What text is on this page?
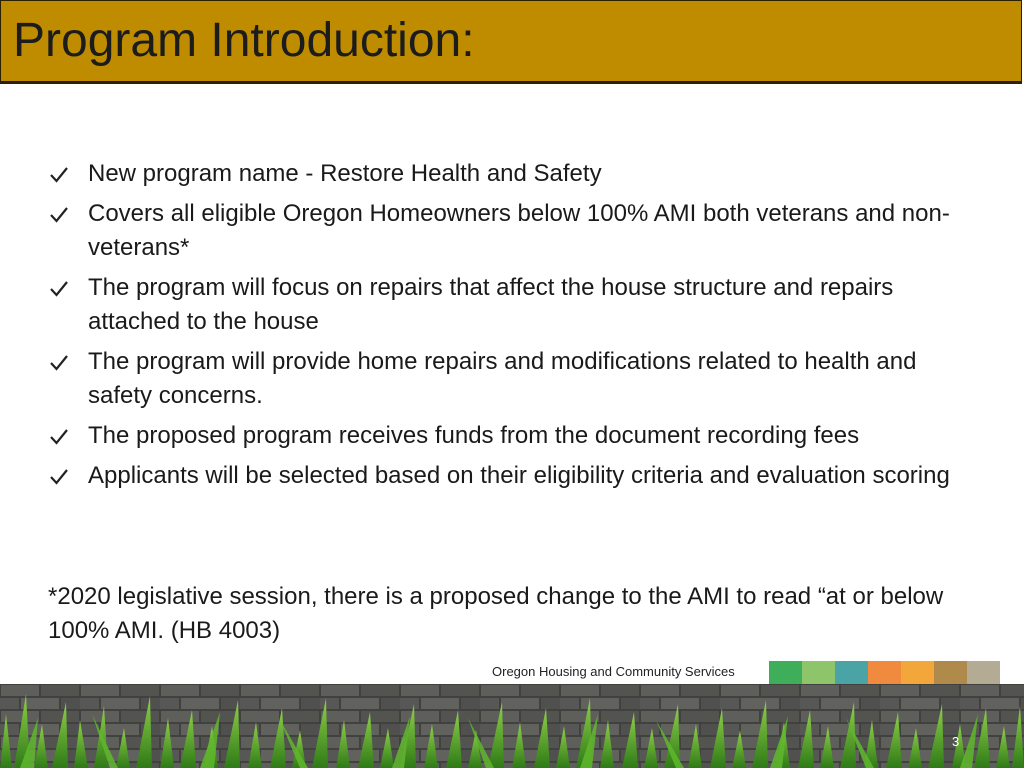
Program Introduction:
New program name - Restore Health and Safety
Covers all eligible Oregon Homeowners below 100% AMI both veterans and non-veterans*
The program will focus on repairs that affect the house structure and repairs attached to the house
The program will provide home repairs and modifications related to health and safety concerns.
The proposed program receives funds from the document recording fees
Applicants will be selected based on their eligibility criteria and evaluation scoring
*2020 legislative session, there is a proposed change to the AMI to read “at or below 100% AMI. (HB 4003)
Oregon Housing and Community Services
3
